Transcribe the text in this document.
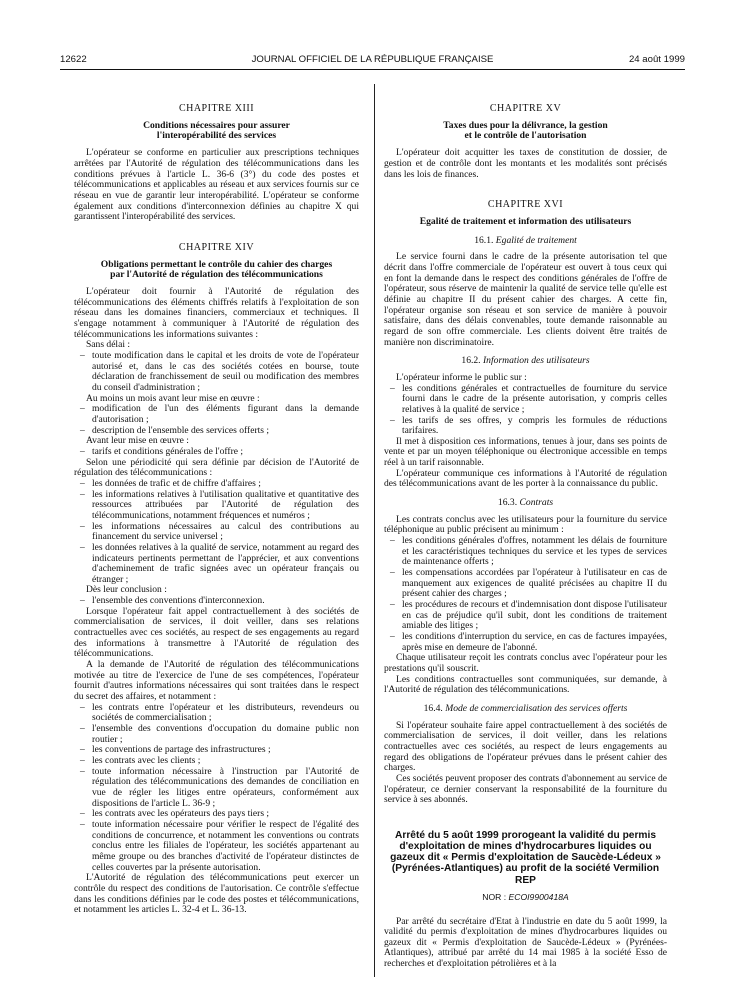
12622	JOURNAL OFFICIEL DE LA RÉPUBLIQUE FRANÇAISE	24 août 1999
CHAPITRE XIII
Conditions nécessaires pour assurer
l'interopérabilité des services

L'opérateur se conforme en particulier aux prescriptions techniques arrêtées par l'Autorité de régulation des télécommunications dans les conditions prévues à l'article L. 36-6 (3°) du code des postes et télécommunications et applicables au réseau et aux services fournis sur ce réseau en vue de garantir leur interopérabilité. L'opérateur se conforme également aux conditions d'interconnexion définies au chapitre X qui garantissent l'interopérabilité des services.

CHAPITRE XIV
Obligations permettant le contrôle du cahier des charges
par l'Autorité de régulation des télécommunications

L'opérateur doit fournir à l'Autorité de régulation des télécommunications des éléments chiffrés relatifs à l'exploitation de son réseau dans les domaines financiers, commerciaux et techniques. Il s'engage notamment à communiquer à l'Autorité de régulation des télécommunications les informations suivantes :

Sans délai :

– toute modification dans le capital et les droits de vote de l'opérateur autorisé et, dans le cas des sociétés cotées en bourse, toute déclaration de franchissement de seuil ou modification des membres du conseil d'administration ;

Au moins un mois avant leur mise en œuvre :

– modification de l'un des éléments figurant dans la demande d'autorisation ;
– description de l'ensemble des services offerts ;

Avant leur mise en œuvre :

– tarifs et conditions générales de l'offre ;

Selon une périodicité qui sera définie par décision de l'Autorité de régulation des télécommunications :

– les données de trafic et de chiffre d'affaires ;
– les informations relatives à l'utilisation qualitative et quantitative des ressources attribuées par l'Autorité de régulation des télécommunications, notamment fréquences et numéros ;
– les informations nécessaires au calcul des contributions au financement du service universel ;
– les données relatives à la qualité de service, notamment au regard des indicateurs pertinents permettant de l'apprécier, et aux conventions d'acheminement de trafic signées avec un opérateur français ou étranger ;

Dès leur conclusion :

– l'ensemble des conventions d'interconnexion.

Lorsque l'opérateur fait appel contractuellement à des sociétés de commercialisation de services, il doit veiller, dans ses relations contractuelles avec ces sociétés, au respect de ses engagements au regard des informations à transmettre à l'Autorité de régulation des télécommunications.

A la demande de l'Autorité de régulation des télécommunications motivée au titre de l'exercice de l'une de ses compétences, l'opérateur fournit d'autres informations nécessaires qui sont traitées dans le respect du secret des affaires, et notamment :

– les contrats entre l'opérateur et les distributeurs, revendeurs ou sociétés de commercialisation ;
– l'ensemble des conventions d'occupation du domaine public non routier ;
– les conventions de partage des infrastructures ;
– les contrats avec les clients ;
– toute information nécessaire à l'instruction par l'Autorité de régulation des télécommunications des demandes de conciliation en vue de régler les litiges entre opérateurs, conformément aux dispositions de l'article L. 36-9 ;
– les contrats avec les opérateurs des pays tiers ;
– toute information nécessaire pour vérifier le respect de l'égalité des conditions de concurrence, et notamment les conventions ou contrats conclus entre les filiales de l'opérateur, les sociétés appartenant au même groupe ou des branches d'activité de l'opérateur distinctes de celles couvertes par la présente autorisation.

L'Autorité de régulation des télécommunications peut exercer un contrôle du respect des conditions de l'autorisation. Ce contrôle s'effectue dans les conditions définies par le code des postes et télécommunications, et notamment les articles L. 32-4 et L. 36-13.

CHAPITRE XV
Taxes dues pour la délivrance, la gestion
et le contrôle de l'autorisation

L'opérateur doit acquitter les taxes de constitution de dossier, de gestion et de contrôle dont les montants et les modalités sont précisés dans les lois de finances.

CHAPITRE XVI
Egalité de traitement et information des utilisateurs
16.1. Egalité de traitement

Le service fourni dans le cadre de la présente autorisation tel que décrit dans l'offre commerciale de l'opérateur est ouvert à tous ceux qui en font la demande dans le respect des conditions générales de l'offre de l'opérateur, sous réserve de maintenir la qualité de service telle qu'elle est définie au chapitre II du présent cahier des charges. A cette fin, l'opérateur organise son réseau et son service de manière à pouvoir satisfaire, dans des délais convenables, toute demande raisonnable au regard de son offre commerciale. Les clients doivent être traités de manière non discriminatoire.

16.2. Information des utilisateurs

L'opérateur informe le public sur :

– les conditions générales et contractuelles de fourniture du service fourni dans le cadre de la présente autorisation, y compris celles relatives à la qualité de service ;
– les tarifs de ses offres, y compris les formules de réductions tarifaires.

Il met à disposition ces informations, tenues à jour, dans ses points de vente et par un moyen téléphonique ou électronique accessible en temps réel à un tarif raisonnable.

L'opérateur communique ces informations à l'Autorité de régulation des télécommunications avant de les porter à la connaissance du public.

16.3. Contrats

Les contrats conclus avec les utilisateurs pour la fourniture du service téléphonique au public précisent au minimum :

– les conditions générales d'offres, notamment les délais de fourniture et les caractéristiques techniques du service et les types de services de maintenance offerts ;
– les compensations accordées par l'opérateur à l'utilisateur en cas de manquement aux exigences de qualité précisées au chapitre II du présent cahier des charges ;
– les procédures de recours et d'indemnisation dont dispose l'utilisateur en cas de préjudice qu'il subit, dont les conditions de traitement amiable des litiges ;
– les conditions d'interruption du service, en cas de factures impayées, après mise en demeure de l'abonné.

Chaque utilisateur reçoit les contrats conclus avec l'opérateur pour les prestations qu'il souscrit.

Les conditions contractuelles sont communiquées, sur demande, à l'Autorité de régulation des télécommunications.

16.4. Mode de commercialisation des services offerts

Si l'opérateur souhaite faire appel contractuellement à des sociétés de commercialisation de services, il doit veiller, dans les relations contractuelles avec ces sociétés, au respect de leurs engagements au regard des obligations de l'opérateur prévues dans le présent cahier des charges.

Ces sociétés peuvent proposer des contrats d'abonnement au service de l'opérateur, ce dernier conservant la responsabilité de la fourniture du service à ses abonnés.

Arrêté du 5 août 1999 prorogeant la validité du permis d'exploitation de mines d'hydrocarbures liquides ou gazeux dit « Permis d'exploitation de Saucède-Lédeux » (Pyrénées-Atlantiques) au profit de la société Vermilion REP
NOR : ECOI9900418A

Par arrêté du secrétaire d'Etat à l'industrie en date du 5 août 1999, la validité du permis d'exploitation de mines d'hydrocarbures liquides ou gazeux dit « Permis d'exploitation de Saucède-Lédeux » (Pyrénées-Atlantiques), attribué par arrêté du 14 mai 1985 à la société Esso de recherches et d'exploitation pétrolières et à la
